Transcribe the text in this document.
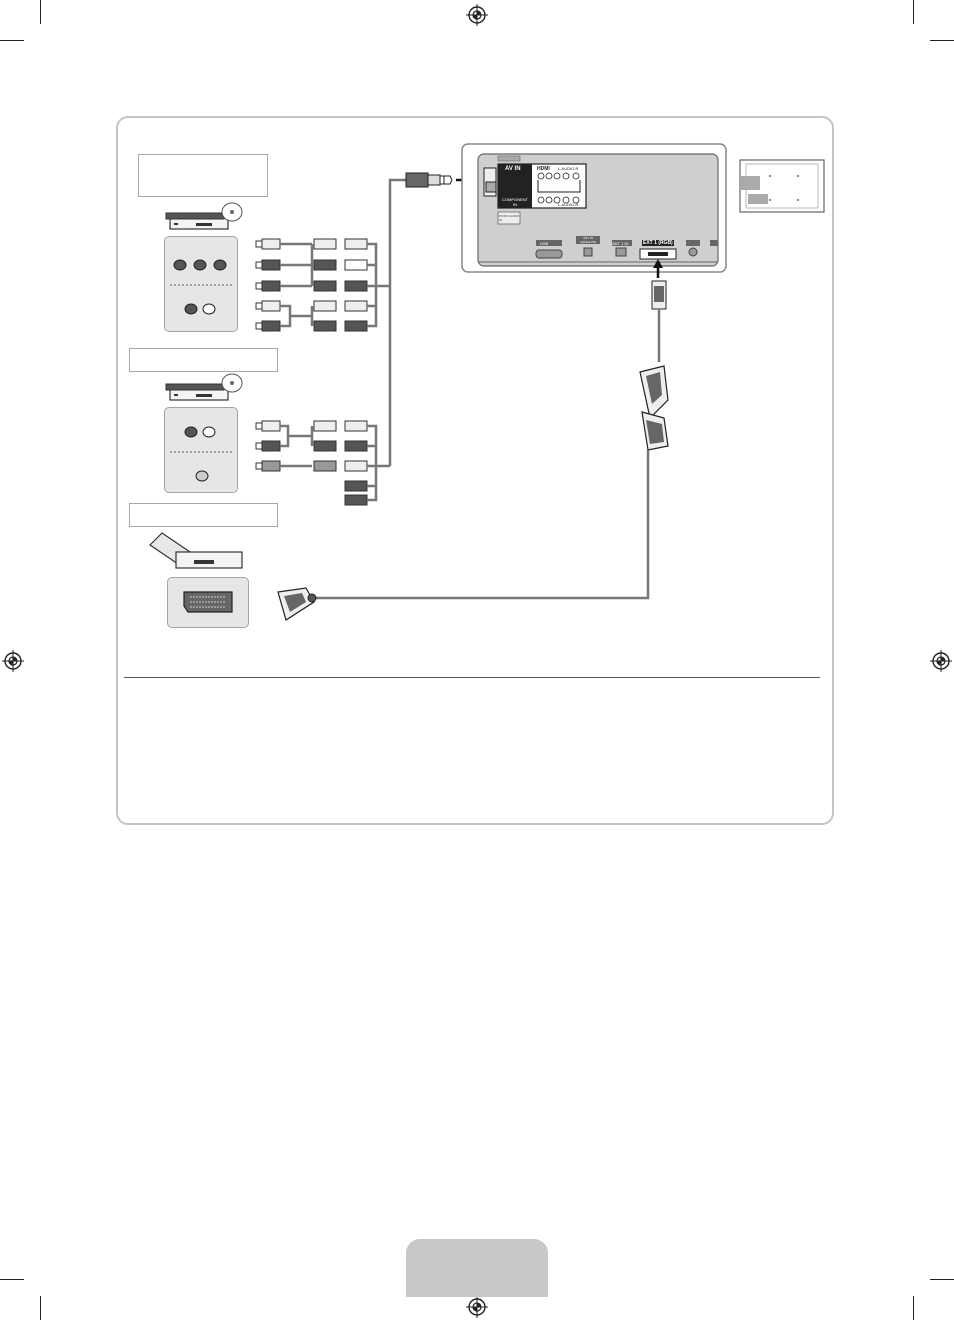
AV IN	HDMI
COMPONENT IN
L-AUDIO-R
L-AUDIO-R
PC/DVI AUDIO IN
USB
ANT IN SATELLITE	ANT 1 IN	EXT 1 (RGB)
